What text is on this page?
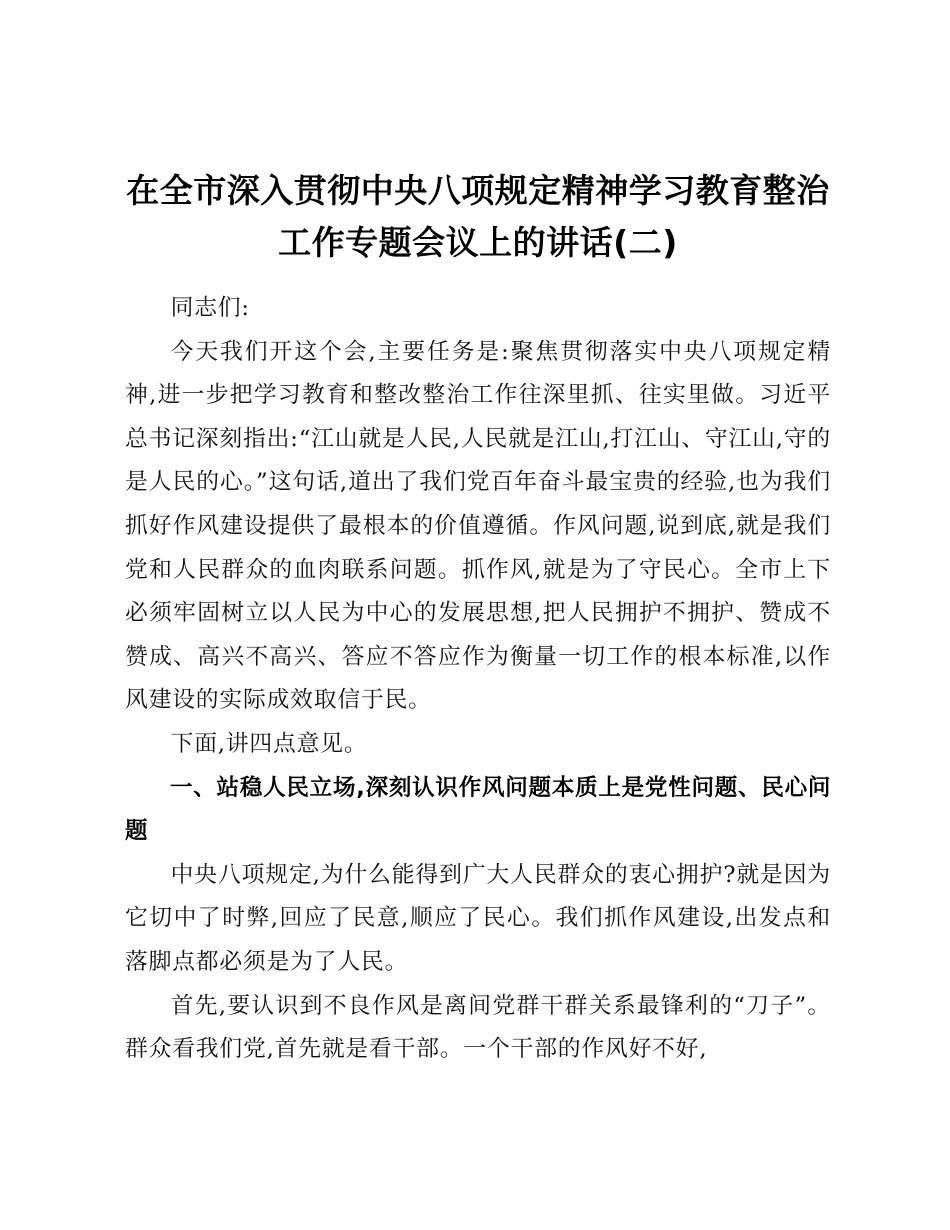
在全市深入贯彻中央八项规定精神学习教育整治工作专题会议上的讲话(二)

同志们:

今天我们开这个会,主要任务是:聚焦贯彻落实中央八项规定精神,进一步把学习教育和整改整治工作往深里抓、往实里做。习近平总书记深刻指出:“江山就是人民,人民就是江山,打江山、守江山,守的是人民的心。”这句话,道出了我们党百年奋斗最宝贵的经验,也为我们抓好作风建设提供了最根本的价值遵循。作风问题,说到底,就是我们党和人民群众的血肉联系问题。抓作风,就是为了守民心。全市上下必须牢固树立以人民为中心的发展思想,把人民拥护不拥护、赞成不赞成、高兴不高兴、答应不答应作为衡量一切工作的根本标准,以作风建设的实际成效取信于民。

下面,讲四点意见。

一、站稳人民立场,深刻认识作风问题本质上是党性问题、民心问题

中央八项规定,为什么能得到广大人民群众的衷心拥护?就是因为它切中了时弊,回应了民意,顺应了民心。我们抓作风建设,出发点和落脚点都必须是为了人民。

首先,要认识到不良作风是离间党群干群关系最锋利的“刀子”。群众看我们党,首先就是看干部。一个干部的作风好不好,
